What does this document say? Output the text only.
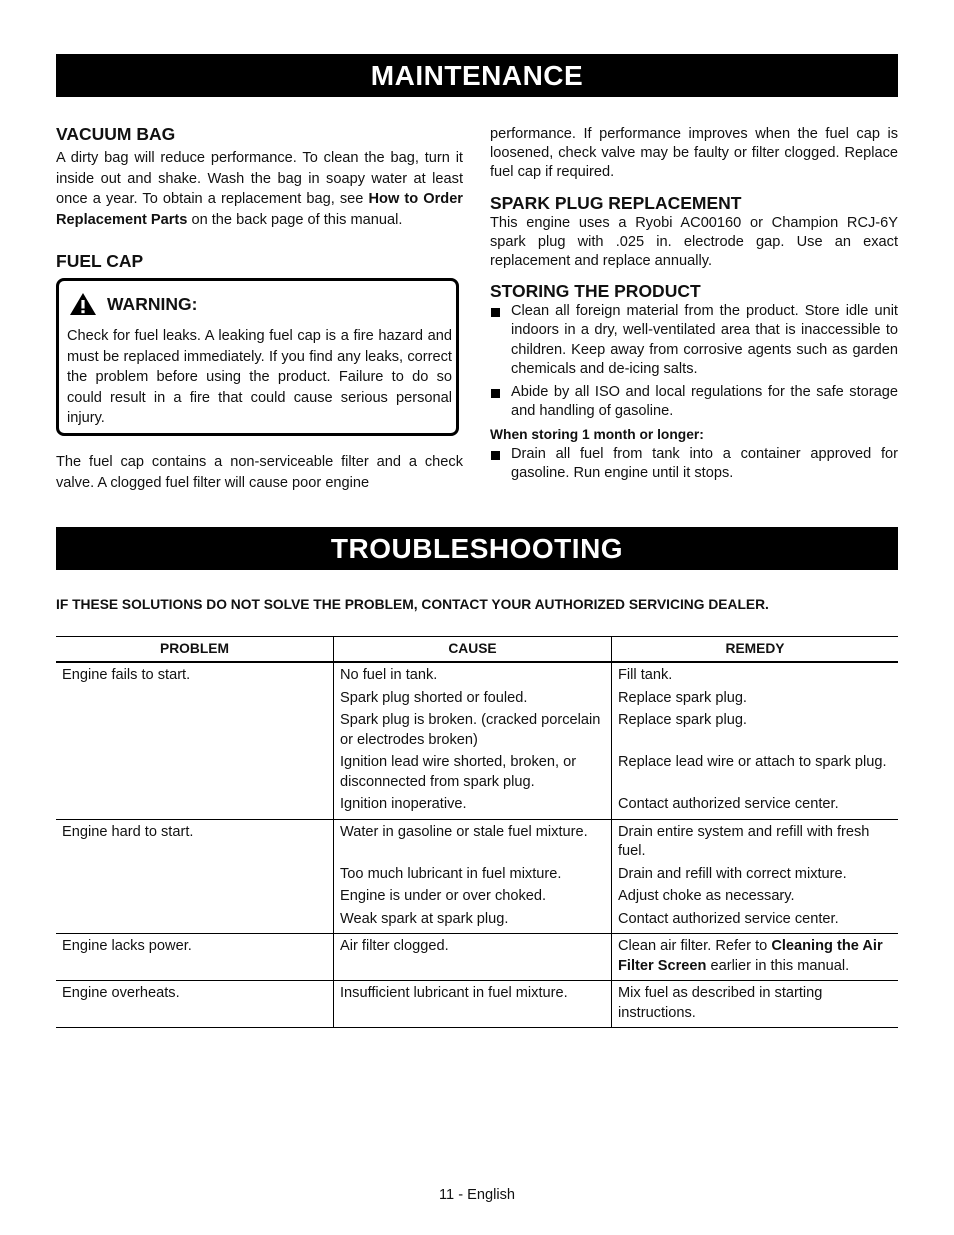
MAINTENANCE
VACUUM BAG

A dirty bag will reduce performance. To clean the bag, turn it inside out and shake. Wash the bag in soapy water at least once a year. To obtain a replacement bag, see How to Order Replacement Parts on the back page of this manual.

FUEL CAP
WARNING:
Check for fuel leaks. A leaking fuel cap is a fire hazard and must be replaced immediately. If you find any leaks, correct the problem before using the product. Failure to do so could result in a fire that could cause serious personal injury.

The fuel cap contains a non-serviceable filter and a check valve. A clogged fuel filter will cause poor engine

performance. If performance improves when the fuel cap is loosened, check valve may be faulty or filter clogged. Replace fuel cap if required.

SPARK PLUG REPLACEMENT

This engine uses a Ryobi AC00160 or Champion RCJ-6Y spark plug with .025 in. electrode gap. Use an exact replacement and replace annually.

STORING THE PRODUCT
Clean all foreign material from the product. Store idle unit indoors in a dry, well-ventilated area that is inaccessible to children. Keep away from corrosive agents such as garden chemicals and de-icing salts.
Abide by all ISO and local regulations for the safe storage and handling of gasoline.
When storing 1 month or longer:
Drain all fuel from tank into a container approved for gasoline. Run engine until it stops.
TROUBLESHOOTING
IF THESE SOLUTIONS DO NOT SOLVE THE PROBLEM, CONTACT YOUR AUTHORIZED SERVICING DEALER.
PROBLEM	CAUSE	REMEDY
Engine fails to start.	No fuel in tank.	Fill tank.
	Spark plug shorted or fouled.	Replace spark plug.
	Spark plug is broken. (cracked porcelain or electrodes broken)	Replace spark plug.
	Ignition lead wire shorted, broken, or disconnected from spark plug.	Replace lead wire or attach to spark plug.
	Ignition inoperative.	Contact authorized service center.
Engine hard to start.	Water in gasoline or stale fuel mixture.	Drain entire system and refill with fresh fuel.
	Too much lubricant in fuel mixture.	Drain and refill with correct mixture.
	Engine is under or over choked.	Adjust choke as necessary.
	Weak spark at spark plug.	Contact authorized service center.
Engine lacks power.	Air filter clogged.	Clean air filter. Refer to Cleaning the Air Filter Screen earlier in this manual.
Engine overheats.	Insufficient lubricant in fuel mixture.	Mix fuel as described in starting instructions.
11 - English
